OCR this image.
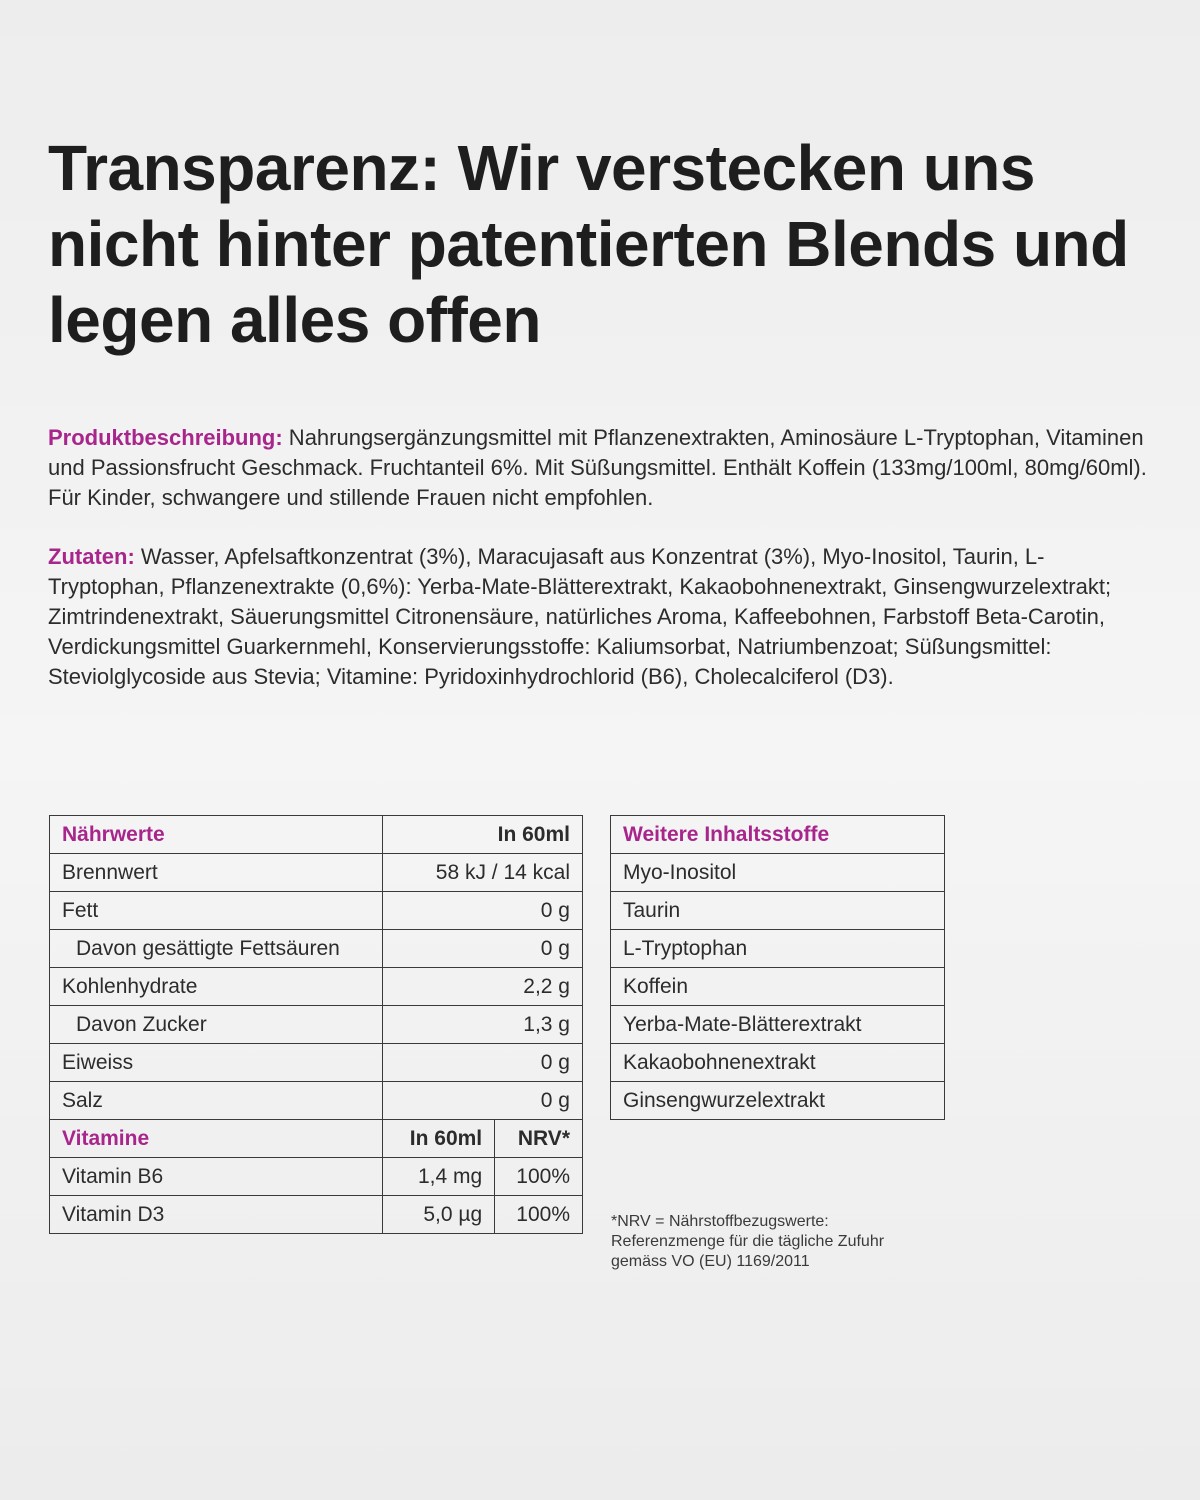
Transparenz: Wir verstecken uns nicht hinter patentierten Blends und legen alles offen

Produktbeschreibung: Nahrungsergänzungsmittel mit Pflanzenextrakten, Aminosäure L-Tryptophan, Vitaminen und Passionsfrucht Geschmack. Fruchtanteil 6%. Mit Süßungsmittel. Enthält Koffein (133mg/100ml, 80mg/60ml). Für Kinder, schwangere und stillende Frauen nicht empfohlen.

Zutaten: Wasser, Apfelsaftkonzentrat (3%), Maracujasaft aus Konzentrat (3%), Myo-Inositol, Taurin, L-Tryptophan, Pflanzenextrakte (0,6%): Yerba-Mate-Blätterextrakt, Kakaobohnenextrakt, Ginsengwurzelextrakt; Zimtrindenextrakt, Säuerungsmittel Citronensäure, natürliches Aroma, Kaffeebohnen, Farbstoff Beta-Carotin, Verdickungsmittel Guarkernmehl, Konservierungsstoffe: Kaliumsorbat, Natriumbenzoat; Süßungsmittel: Steviolglycoside aus Stevia; Vitamine: Pyridoxinhydrochlorid (B6), Cholecalciferol (D3).

Nährwerte	In 60ml	
Brennwert	58 kJ / 14 kcal	
Fett	0 g	
Davon gesättigte Fettsäuren	0 g	
Kohlenhydrate	2,2 g	
Davon Zucker	1,3 g	
Eiweiss	0 g	
Salz	0 g	
Vitamine	In 60ml	NRV*
Vitamin B6	1,4 mg	100%
Vitamin D3	5,0 µg	100%
Weitere Inhaltsstoffe
Myo-Inositol
Taurin
L-Tryptophan
Koffein
Yerba-Mate-Blätterextrakt
Kakaobohnenextrakt
Ginsengwurzelextrakt
*NRV = Nährstoffbezugswerte:
Referenzmenge für die tägliche Zufuhr
gemäss VO (EU) 1169/2011
